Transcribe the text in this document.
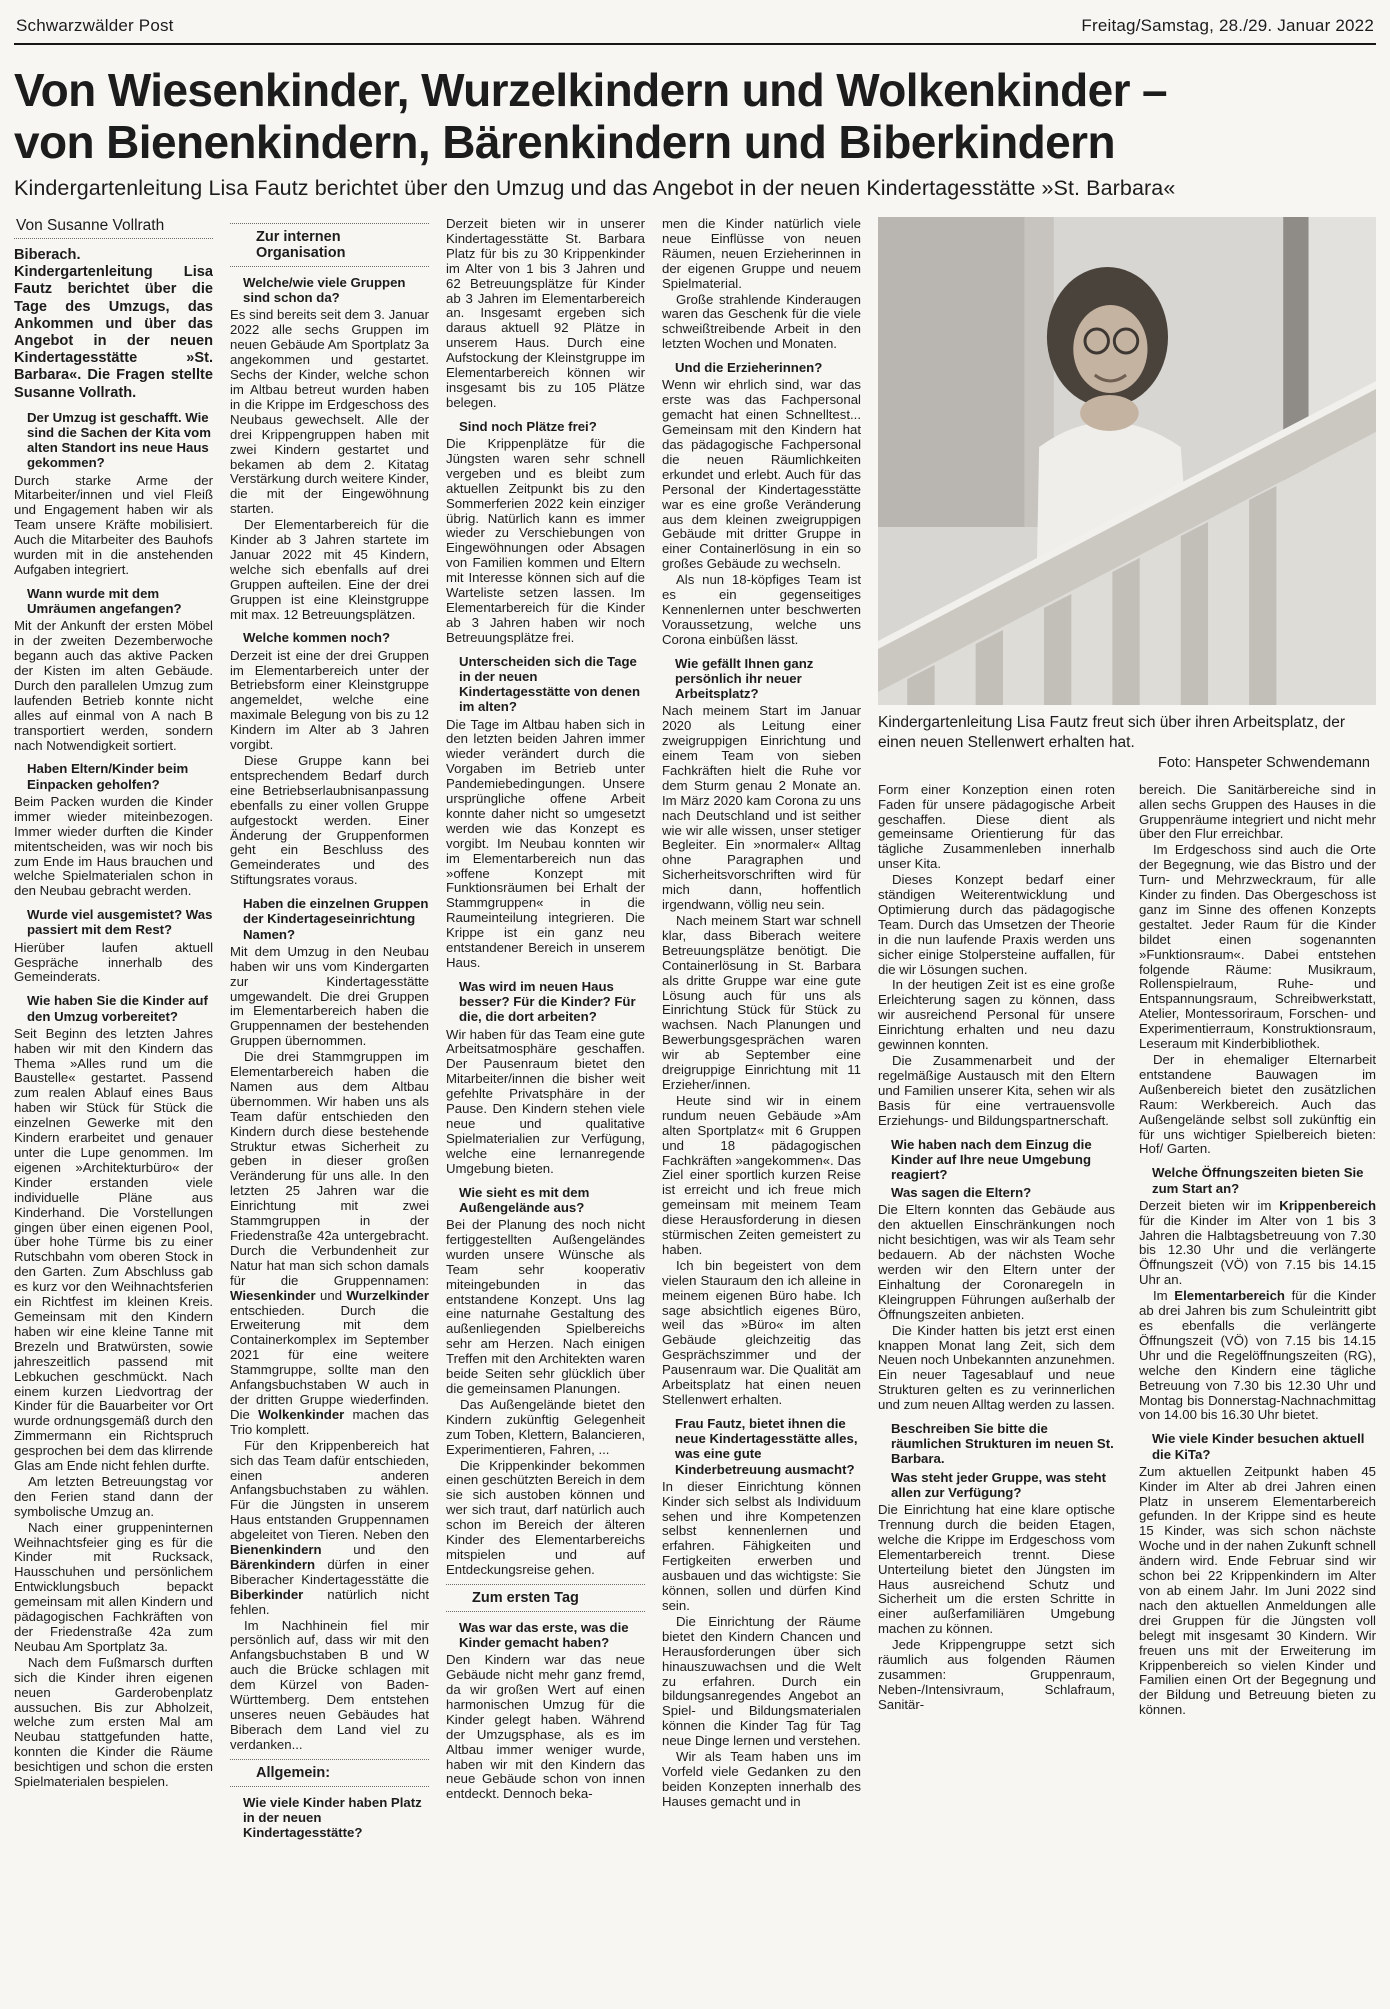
Schwarzwälder Post	Freitag/Samstag, 28./29. Januar 2022
Von Wiesenkinder, Wurzelkindern und Wolkenkinder –
von Bienenkindern, Bärenkindern und Biberkindern
Kindergartenleitung Lisa Fautz berichtet über den Umzug und das Angebot in der neuen Kindertagesstätte »St. Barbara«
Von Susanne Vollrath
Biberach. Kindergartenleitung Lisa Fautz berichtet über die Tage des Umzugs, das Ankommen und über das Angebot in der neuen Kindertagesstätte »St. Barbara«. Die Fragen stellte Susanne Vollrath.
Der Umzug ist geschafft. Wie sind die Sachen der Kita vom alten Standort ins neue Haus gekommen?
Durch starke Arme der Mitarbeiter/innen und viel Fleiß und Engagement haben wir als Team unsere Kräfte mobilisiert. Auch die Mitarbeiter des Bauhofs wurden mit in die anstehenden Aufgaben integriert.
Wann wurde mit dem Umräumen angefangen?
Mit der Ankunft der ersten Möbel in der zweiten Dezemberwoche begann auch das aktive Packen der Kisten im alten Gebäude. Durch den parallelen Umzug zum laufenden Betrieb konnte nicht alles auf einmal von A nach B transportiert werden, sondern nach Notwendigkeit sortiert.
Haben Eltern/Kinder beim Einpacken geholfen?
Beim Packen wurden die Kinder immer wieder miteinbezogen. Immer wieder durften die Kinder mitentscheiden, was wir noch bis zum Ende im Haus brauchen und welche Spielmaterialen schon in den Neubau gebracht werden.
Wurde viel ausgemistet? Was passiert mit dem Rest?
Hierüber laufen aktuell Gespräche innerhalb des Gemeinderats.
Wie haben Sie die Kinder auf den Umzug vorbereitet?
Seit Beginn des letzten Jahres haben wir mit den Kindern das Thema »Alles rund um die Baustelle« gestartet. Passend zum realen Ablauf eines Baus haben wir Stück für Stück die einzelnen Gewerke mit den Kindern erarbeitet und genauer unter die Lupe genommen. Im eigenen »Architekturbüro« der Kinder erstanden viele individuelle Pläne aus Kinderhand. Die Vorstellungen gingen über einen eigenen Pool, über hohe Türme bis zu einer Rutschbahn vom oberen Stock in den Garten. Zum Abschluss gab es kurz vor den Weihnachtsferien ein Richtfest im kleinen Kreis. Gemeinsam mit den Kindern haben wir eine kleine Tanne mit Brezeln und Bratwürsten, sowie jahreszeitlich passend mit Lebkuchen geschmückt. Nach einem kurzen Liedvortrag der Kinder für die Bauarbeiter vor Ort wurde ordnungsgemäß durch den Zimmermann ein Richtspruch gesprochen bei dem das klirrende Glas am Ende nicht fehlen durfte.
Am letzten Betreuungstag vor den Ferien stand dann der symbolische Umzug an.
Nach einer gruppeninternen Weihnachtsfeier ging es für die Kinder mit Rucksack, Hausschuhen und persönlichem Entwicklungsbuch bepackt gemeinsam mit allen Kindern und pädagogischen Fachkräften von der Friedenstraße 42a zum Neubau Am Sportplatz 3a.
Nach dem Fußmarsch durften sich die Kinder ihren eigenen neuen Garderobenplatz aussuchen. Bis zur Abholzeit, welche zum ersten Mal am Neubau stattgefunden hatte, konnten die Kinder die Räume besichtigen und schon die ersten Spielmaterialen bespielen.
Zur internen Organisation
Welche/wie viele Gruppen sind schon da?
Es sind bereits seit dem 3. Januar 2022 alle sechs Gruppen im neuen Gebäude Am Sportplatz 3a angekommen und gestartet. Sechs der Kinder, welche schon im Altbau betreut wurden haben in die Krippe im Erdgeschoss des Neubaus gewechselt. Alle der drei Krippengruppen haben mit zwei Kindern gestartet und bekamen ab dem 2. Kitatag Verstärkung durch weitere Kinder, die mit der Eingewöhnung starten.
Der Elementarbereich für die Kinder ab 3 Jahren startete im Januar 2022 mit 45 Kindern, welche sich ebenfalls auf drei Gruppen aufteilen. Eine der drei Gruppen ist eine Kleinstgruppe mit max. 12 Betreuungsplätzen.
Welche kommen noch?
Derzeit ist eine der drei Gruppen im Elementarbereich unter der Betriebsform einer Kleinstgruppe angemeldet, welche eine maximale Belegung von bis zu 12 Kindern im Alter ab 3 Jahren vorgibt.
Diese Gruppe kann bei entsprechendem Bedarf durch eine Betriebserlaubnisanpassung ebenfalls zu einer vollen Gruppe aufgestockt werden. Einer Änderung der Gruppenformen geht ein Beschluss des Gemeinderates und des Stiftungsrates voraus.
Haben die einzelnen Gruppen der Kindertageseinrichtung Namen?
Mit dem Umzug in den Neubau haben wir uns vom Kindergarten zur Kindertagesstätte umgewandelt. Die drei Gruppen im Elementarbereich haben die Gruppennamen der bestehenden Gruppen übernommen.
Die drei Stammgruppen im Elementarbereich haben die Namen aus dem Altbau übernommen. Wir haben uns als Team dafür entschieden den Kindern durch diese bestehende Struktur etwas Sicherheit zu geben in dieser großen Veränderung für uns alle. In den letzten 25 Jahren war die Einrichtung mit zwei Stammgruppen in der Friedenstraße 42a untergebracht. Durch die Verbundenheit zur Natur hat man sich schon damals für die Gruppennamen: Wiesenkinder und Wurzelkinder entschieden. Durch die Erweiterung mit dem Containerkomplex im September 2021 für eine weitere Stammgruppe, sollte man den Anfangsbuchstaben W auch in der dritten Gruppe wiederfinden. Die Wolkenkinder machen das Trio komplett.
Für den Krippenbereich hat sich das Team dafür entschieden, einen anderen Anfangsbuchstaben zu wählen. Für die Jüngsten in unserem Haus entstanden Gruppennamen abgeleitet von Tieren. Neben den Bienenkindern und den Bärenkindern dürfen in einer Biberacher Kindertagesstätte die Biberkinder natürlich nicht fehlen.
Im Nachhinein fiel mir persönlich auf, dass wir mit den Anfangsbuchstaben B und W auch die Brücke schlagen mit dem Kürzel von Baden-Württemberg. Dem entstehen unseres neuen Gebäudes hat Biberach dem Land viel zu verdanken...
Allgemein:
Wie viele Kinder haben Platz in der neuen Kindertagesstätte?
Derzeit bieten wir in unserer Kindertagesstätte St. Barbara Platz für bis zu 30 Krippenkinder im Alter von 1 bis 3 Jahren und 62 Betreuungsplätze für Kinder ab 3 Jahren im Elementarbereich an. Insgesamt ergeben sich daraus aktuell 92 Plätze in unserem Haus. Durch eine Aufstockung der Kleinstgruppe im Elementarbereich können wir insgesamt bis zu 105 Plätze belegen.
Sind noch Plätze frei?
Die Krippenplätze für die Jüngsten waren sehr schnell vergeben und es bleibt zum aktuellen Zeitpunkt bis zu den Sommerferien 2022 kein einziger übrig. Natürlich kann es immer wieder zu Verschiebungen von Eingewöhnungen oder Absagen von Familien kommen und Eltern mit Interesse können sich auf die Warteliste setzen lassen. Im Elementarbereich für die Kinder ab 3 Jahren haben wir noch Betreuungsplätze frei.
Unterscheiden sich die Tage in der neuen Kindertagesstätte von denen im alten?
Die Tage im Altbau haben sich in den letzten beiden Jahren immer wieder verändert durch die Vorgaben im Betrieb unter Pandemiebedingungen. Unsere ursprüngliche offene Arbeit konnte daher nicht so umgesetzt werden wie das Konzept es vorgibt. Im Neubau konnten wir im Elementarbereich nun das »offene Konzept mit Funktionsräumen bei Erhalt der Stammgruppen« in die Raumeinteilung integrieren. Die Krippe ist ein ganz neu entstandener Bereich in unserem Haus.
Was wird im neuen Haus besser? Für die Kinder? Für die, die dort arbeiten?
Wir haben für das Team eine gute Arbeitsatmosphäre geschaffen. Der Pausenraum bietet den Mitarbeiter/innen die bisher weit gefehlte Privatsphäre in der Pause. Den Kindern stehen viele neue und qualitative Spielmaterialien zur Verfügung, welche eine lernanregende Umgebung bieten.
Wie sieht es mit dem Außengelände aus?
Bei der Planung des noch nicht fertiggestellten Außengeländes wurden unsere Wünsche als Team sehr kooperativ miteingebunden in das entstandene Konzept. Uns lag eine naturnahe Gestaltung des außenliegenden Spielbereichs sehr am Herzen. Nach einigen Treffen mit den Architekten waren beide Seiten sehr glücklich über die gemeinsamen Planungen.
Das Außengelände bietet den Kindern zukünftig Gelegenheit zum Toben, Klettern, Balancieren, Experimentieren, Fahren, ...
Die Krippenkinder bekommen einen geschützten Bereich in dem sie sich austoben können und wer sich traut, darf natürlich auch schon im Bereich der älteren Kinder des Elementarbereichs mitspielen und auf Entdeckungsreise gehen.
Zum ersten Tag
Was war das erste, was die Kinder gemacht haben?
Den Kindern war das neue Gebäude nicht mehr ganz fremd, da wir großen Wert auf einen harmonischen Umzug für die Kinder gelegt haben. Während der Umzugsphase, als es im Altbau immer weniger wurde, haben wir mit den Kindern das neue Gebäude schon von innen entdeckt. Dennoch beka-
men die Kinder natürlich viele neue Einflüsse von neuen Räumen, neuen Erzieherinnen in der eigenen Gruppe und neuem Spielmaterial.
Große strahlende Kinderaugen waren das Geschenk für die viele schweißtreibende Arbeit in den letzten Wochen und Monaten.
Und die Erzieherinnen?
Wenn wir ehrlich sind, war das erste was das Fachpersonal gemacht hat einen Schnelltest... Gemeinsam mit den Kindern hat das pädagogische Fachpersonal die neuen Räumlichkeiten erkundet und erlebt. Auch für das Personal der Kindertagesstätte war es eine große Veränderung aus dem kleinen zweigruppigen Gebäude mit dritter Gruppe in einer Containerlösung in ein so großes Gebäude zu wechseln.
Als nun 18-köpfiges Team ist es ein gegenseitiges Kennenlernen unter beschwerten Voraussetzung, welche uns Corona einbüßen lässt.
Wie gefällt Ihnen ganz persönlich ihr neuer Arbeitsplatz?
Nach meinem Start im Januar 2020 als Leitung einer zweigruppigen Einrichtung und einem Team von sieben Fachkräften hielt die Ruhe vor dem Sturm genau 2 Monate an. Im März 2020 kam Corona zu uns nach Deutschland und ist seither wie wir alle wissen, unser stetiger Begleiter. Ein »normaler« Alltag ohne Paragraphen und Sicherheitsvorschriften wird für mich dann, hoffentlich irgendwann, völlig neu sein.
Nach meinem Start war schnell klar, dass Biberach weitere Betreuungsplätze benötigt. Die Containerlösung in St. Barbara als dritte Gruppe war eine gute Lösung auch für uns als Einrichtung Stück für Stück zu wachsen. Nach Planungen und Bewerbungsgesprächen waren wir ab September eine dreigruppige Einrichtung mit 11 Erzieher/innen.
Heute sind wir in einem rundum neuen Gebäude »Am alten Sportplatz« mit 6 Gruppen und 18 pädagogischen Fachkräften »angekommen«. Das Ziel einer sportlich kurzen Reise ist erreicht und ich freue mich gemeinsam mit meinem Team diese Herausforderung in diesen stürmischen Zeiten gemeistert zu haben.
Ich bin begeistert von dem vielen Stauraum den ich alleine in meinem eigenen Büro habe. Ich sage absichtlich eigenes Büro, weil das »Büro« im alten Gebäude gleichzeitig das Gesprächszimmer und der Pausenraum war. Die Qualität am Arbeitsplatz hat einen neuen Stellenwert erhalten.
Frau Fautz, bietet ihnen die neue Kindertagesstätte alles, was eine gute Kinderbetreuung ausmacht?
In dieser Einrichtung können Kinder sich selbst als Individuum sehen und ihre Kompetenzen selbst kennenlernen und erfahren. Fähigkeiten und Fertigkeiten erwerben und ausbauen und das wichtigste: Sie können, sollen und dürfen Kind sein.
Die Einrichtung der Räume bietet den Kindern Chancen und Herausforderungen über sich hinauszuwachsen und die Welt zu erfahren. Durch ein bildungsanregendes Angebot an Spiel- und Bildungsmaterialen können die Kinder Tag für Tag neue Dinge lernen und verstehen.
Wir als Team haben uns im Vorfeld viele Gedanken zu den beiden Konzepten innerhalb des Hauses gemacht und in
Kindergartenleitung Lisa Fautz freut sich über ihren Arbeitsplatz, der einen neuen Stellenwert erhalten hat.
Foto: Hanspeter Schwendemann
Form einer Konzeption einen roten Faden für unsere pädagogische Arbeit geschaffen. Diese dient als gemeinsame Orientierung für das tägliche Zusammenleben innerhalb unser Kita.
Dieses Konzept bedarf einer ständigen Weiterentwicklung und Optimierung durch das pädagogische Team. Durch das Umsetzen der Theorie in die nun laufende Praxis werden uns sicher einige Stolpersteine auffallen, für die wir Lösungen suchen.
In der heutigen Zeit ist es eine große Erleichterung sagen zu können, dass wir ausreichend Personal für unsere Einrichtung erhalten und neu dazu gewinnen konnten.
Die Zusammenarbeit und der regelmäßige Austausch mit den Eltern und Familien unserer Kita, sehen wir als Basis für eine vertrauensvolle Erziehungs- und Bildungspartnerschaft.
Wie haben nach dem Einzug die Kinder auf Ihre neue Umgebung reagiert?
Was sagen die Eltern?
Die Eltern konnten das Gebäude aus den aktuellen Einschränkungen noch nicht besichtigen, was wir als Team sehr bedauern. Ab der nächsten Woche werden wir den Eltern unter der Einhaltung der Coronaregeln in Kleingruppen Führungen außerhalb der Öffnungszeiten anbieten.
Die Kinder hatten bis jetzt erst einen knappen Monat lang Zeit, sich dem Neuen noch Unbekannten anzunehmen. Ein neuer Tagesablauf und neue Strukturen gelten es zu verinnerlichen und zum neuen Alltag werden zu lassen.
Beschreiben Sie bitte die räumlichen Strukturen im neuen St. Barbara.
Was steht jeder Gruppe, was steht allen zur Verfügung?
Die Einrichtung hat eine klare optische Trennung durch die beiden Etagen, welche die Krippe im Erdgeschoss vom Elementarbereich trennt. Diese Unterteilung bietet den Jüngsten im Haus ausreichend Schutz und Sicherheit um die ersten Schritte in einer außerfamiliären Umgebung machen zu können.
Jede Krippengruppe setzt sich räumlich aus folgenden Räumen zusammen: Gruppenraum, Neben-/Intensivraum, Schlafraum, Sanitär-
bereich. Die Sanitärbereiche sind in allen sechs Gruppen des Hauses in die Gruppenräume integriert und nicht mehr über den Flur erreichbar.
Im Erdgeschoss sind auch die Orte der Begegnung, wie das Bistro und der Turn- und Mehrzweckraum, für alle Kinder zu finden. Das Obergeschoss ist ganz im Sinne des offenen Konzepts gestaltet. Jeder Raum für die Kinder bildet einen sogenannten »Funktionsraum«. Dabei entstehen folgende Räume: Musikraum, Rollenspielraum, Ruhe- und Entspannungsraum, Schreibwerkstatt, Atelier, Montessoriraum, Forschen- und Experimentierraum, Konstruktionsraum, Leseraum mit Kinderbibliothek.
Der in ehemaliger Elternarbeit entstandene Bauwagen im Außenbereich bietet den zusätzlichen Raum: Werkbereich. Auch das Außengelände selbst soll zukünftig ein für uns wichtiger Spielbereich bieten: Hof/ Garten.
Welche Öffnungszeiten bieten Sie zum Start an?
Derzeit bieten wir im Krippenbereich für die Kinder im Alter von 1 bis 3 Jahren die Halbtagsbetreuung von 7.30 bis 12.30 Uhr und die verlängerte Öffnungszeit (VÖ) von 7.15 bis 14.15 Uhr an.
Im Elementarbereich für die Kinder ab drei Jahren bis zum Schuleintritt gibt es ebenfalls die verlängerte Öffnungszeit (VÖ) von 7.15 bis 14.15 Uhr und die Regelöffnungszeiten (RG), welche den Kindern eine tägliche Betreuung von 7.30 bis 12.30 Uhr und Montag bis Donnerstag-Nachnachmittag von 14.00 bis 16.30 Uhr bietet.
Wie viele Kinder besuchen aktuell die KiTa?
Zum aktuellen Zeitpunkt haben 45 Kinder im Alter ab drei Jahren einen Platz in unserem Elementarbereich gefunden. In der Krippe sind es heute 15 Kinder, was sich schon nächste Woche und in der nahen Zukunft schnell ändern wird. Ende Februar sind wir schon bei 22 Krippenkindern im Alter von ab einem Jahr. Im Juni 2022 sind nach den aktuellen Anmeldungen alle drei Gruppen für die Jüngsten voll belegt mit insgesamt 30 Kindern. Wir freuen uns mit der Erweiterung im Krippenbereich so vielen Kinder und Familien einen Ort der Begegnung und der Bildung und Betreuung bieten zu können.
